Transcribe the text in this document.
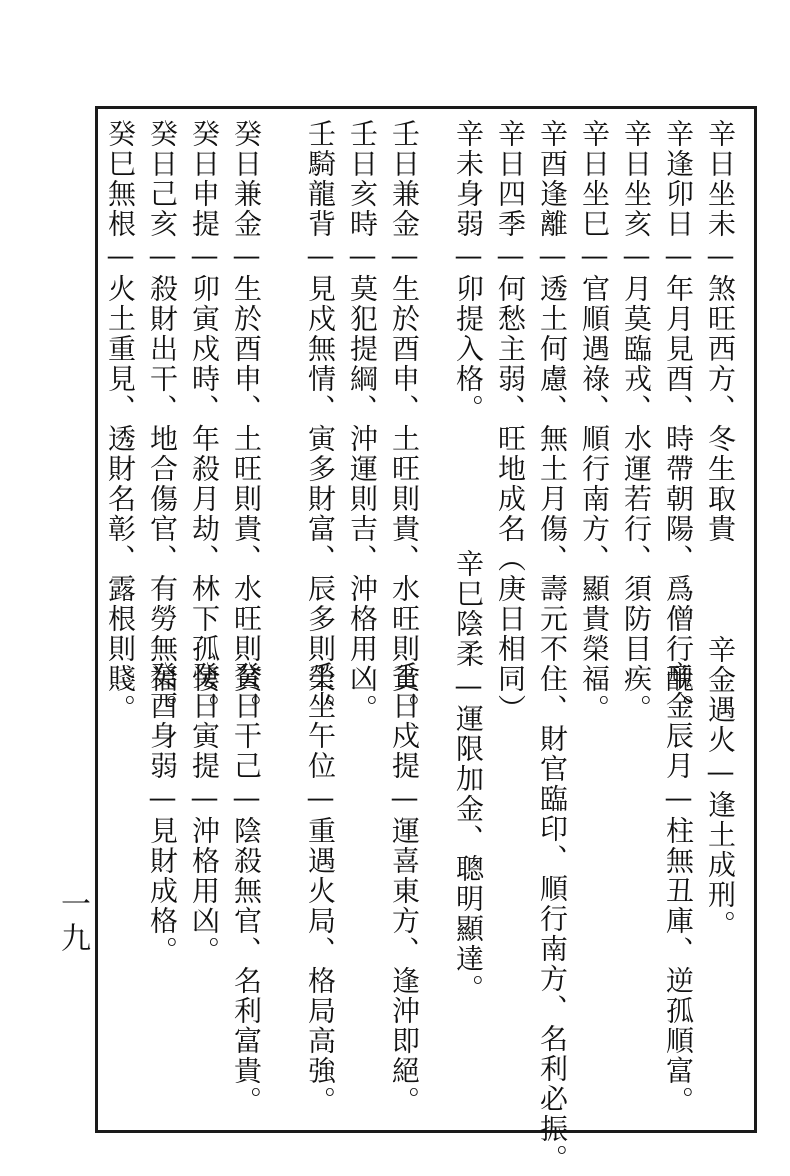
辛日坐未—煞旺西方、冬生取貴
辛逢卯日—年月見酉、時帶朝陽、爲僧行醜。
辛日坐亥—月莫臨戎、水運若行、須防目疾。
辛日坐巳—官順遇祿、順行南方、顯貴榮福。
辛酉逢離—透土何慮、無土月傷、壽元不住、財官臨印、順行南方、名利必振。
辛日四季—何愁主弱、旺地成名（庚日相同）
辛未身弱—卯提入格。
壬日兼金—生於酉申、土旺則貴、水旺則貧。
壬日亥時—莫犯提綱、沖運則吉、沖格用凶。
壬騎龍背—見戍無情、寅多財富、辰多則榮。
癸日兼金—生於酉申、土旺則貴、水旺則貧。
癸日申提—卯寅戍時、年殺月劫、林下孤悽。
癸日己亥—殺財出干、地合傷官、有勞無福。
癸巳無根—火土重見、透財名彰、露根則賤。
辛金遇火—逢土成刑。
辛金辰月—柱無丑庫、逆孤順富。
辛巳陰柔—運限加金、聰明顯達。
壬日戍提—運喜東方、逢沖即絕。
壬坐午位—重遇火局、格局高強。
癸日干己—陰殺無官、名利富貴。
癸日寅提—沖格用凶。
癸酉身弱—見財成格。
一九
